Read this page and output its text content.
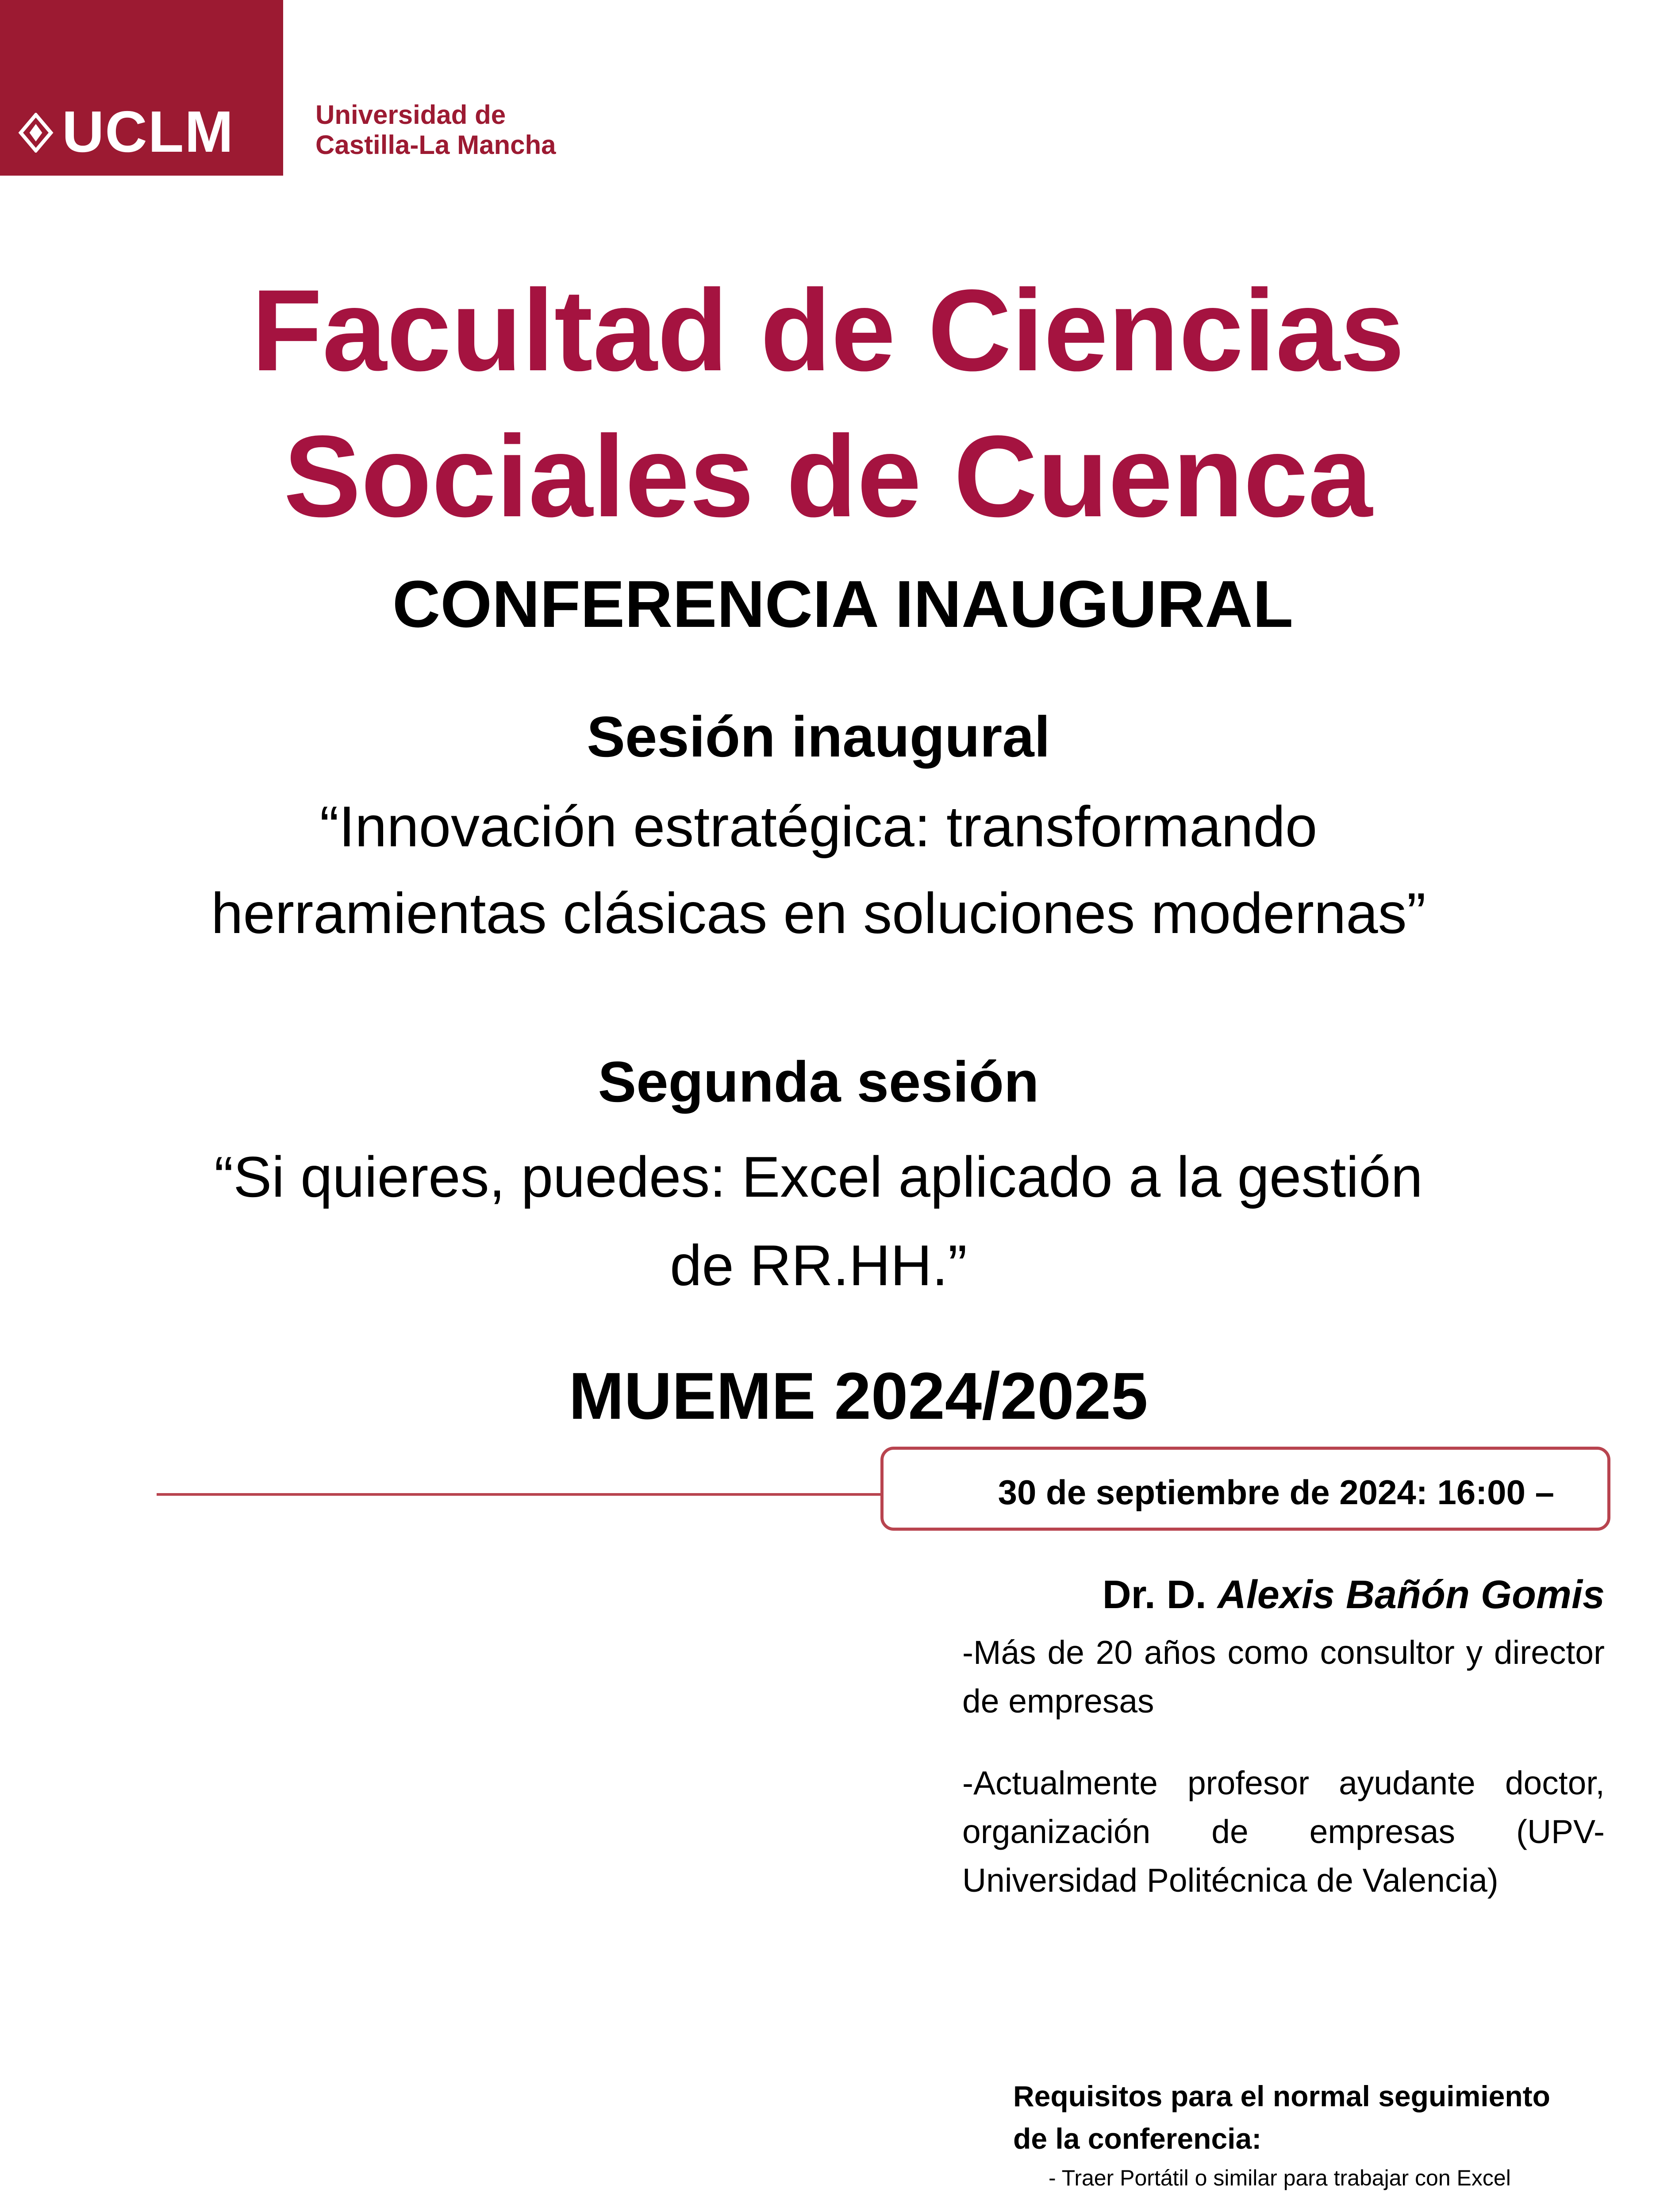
UCLM	Universidad de
Castilla-La Mancha
Facultad de Ciencias
Sociales de Cuenca
CONFERENCIA INAUGURAL
Sesión inaugural
“Innovación estratégica: transformando
herramientas clásicas en soluciones modernas”
Segunda sesión
“Si quieres, puedes: Excel aplicado a la gestión
de RR.HH.”
MUEME 2024/2025
30 de septiembre de 2024: 16:00 –
Dr. D. Alexis Bañón Gomis
-Más de 20 años como consultor y director de empresas
-Actualmente profesor ayudante doctor, organización de empresas (UPV-Universidad Politécnica de Valencia)
Requisitos para el normal seguimiento
de la conferencia:
- Traer Portátil o similar para trabajar con Excel
